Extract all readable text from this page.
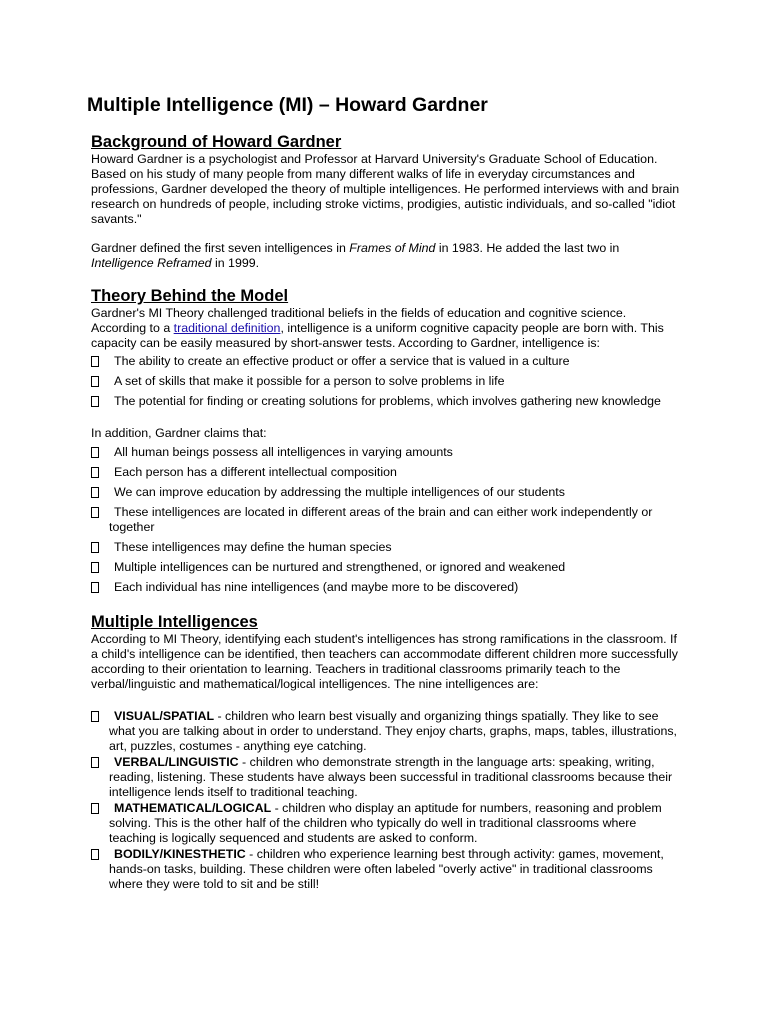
Multiple Intelligence (MI) – Howard Gardner
Background of Howard Gardner
Howard Gardner is a psychologist and Professor at Harvard University's Graduate School of Education. Based on his study of many people from many different walks of life in everyday circumstances and professions, Gardner developed the theory of multiple intelligences. He performed interviews with and brain research on hundreds of people, including stroke victims, prodigies, autistic individuals, and so-called "idiot savants."
Gardner defined the first seven intelligences in Frames of Mind in 1983. He added the last two in Intelligence Reframed in 1999.
Theory Behind the Model
Gardner's MI Theory challenged traditional beliefs in the fields of education and cognitive science. According to a traditional definition, intelligence is a uniform cognitive capacity people are born with. This capacity can be easily measured by short-answer tests. According to Gardner, intelligence is:
The ability to create an effective product or offer a service that is valued in a culture
A set of skills that make it possible for a person to solve problems in life
The potential for finding or creating solutions for problems, which involves gathering new knowledge
In addition, Gardner claims that:
All human beings possess all intelligences in varying amounts
Each person has a different intellectual composition
We can improve education by addressing the multiple intelligences of our students
These intelligences are located in different areas of the brain and can either work independently or together
These intelligences may define the human species
Multiple intelligences can be nurtured and strengthened, or ignored and weakened
Each individual has nine intelligences (and maybe more to be discovered)
Multiple Intelligences
According to MI Theory, identifying each student's intelligences has strong ramifications in the classroom. If a child's intelligence can be identified, then teachers can accommodate different children more successfully according to their orientation to learning. Teachers in traditional classrooms primarily teach to the verbal/linguistic and mathematical/logical intelligences. The nine intelligences are:
VISUAL/SPATIAL - children who learn best visually and organizing things spatially. They like to see what you are talking about in order to understand. They enjoy charts, graphs, maps, tables, illustrations, art, puzzles, costumes - anything eye catching.
VERBAL/LINGUISTIC - children who demonstrate strength in the language arts: speaking, writing, reading, listening. These students have always been successful in traditional classrooms because their intelligence lends itself to traditional teaching.
MATHEMATICAL/LOGICAL - children who display an aptitude for numbers, reasoning and problem solving. This is the other half of the children who typically do well in traditional classrooms where teaching is logically sequenced and students are asked to conform.
BODILY/KINESTHETIC - children who experience learning best through activity: games, movement, hands-on tasks, building. These children were often labeled "overly active" in traditional classrooms where they were told to sit and be still!
